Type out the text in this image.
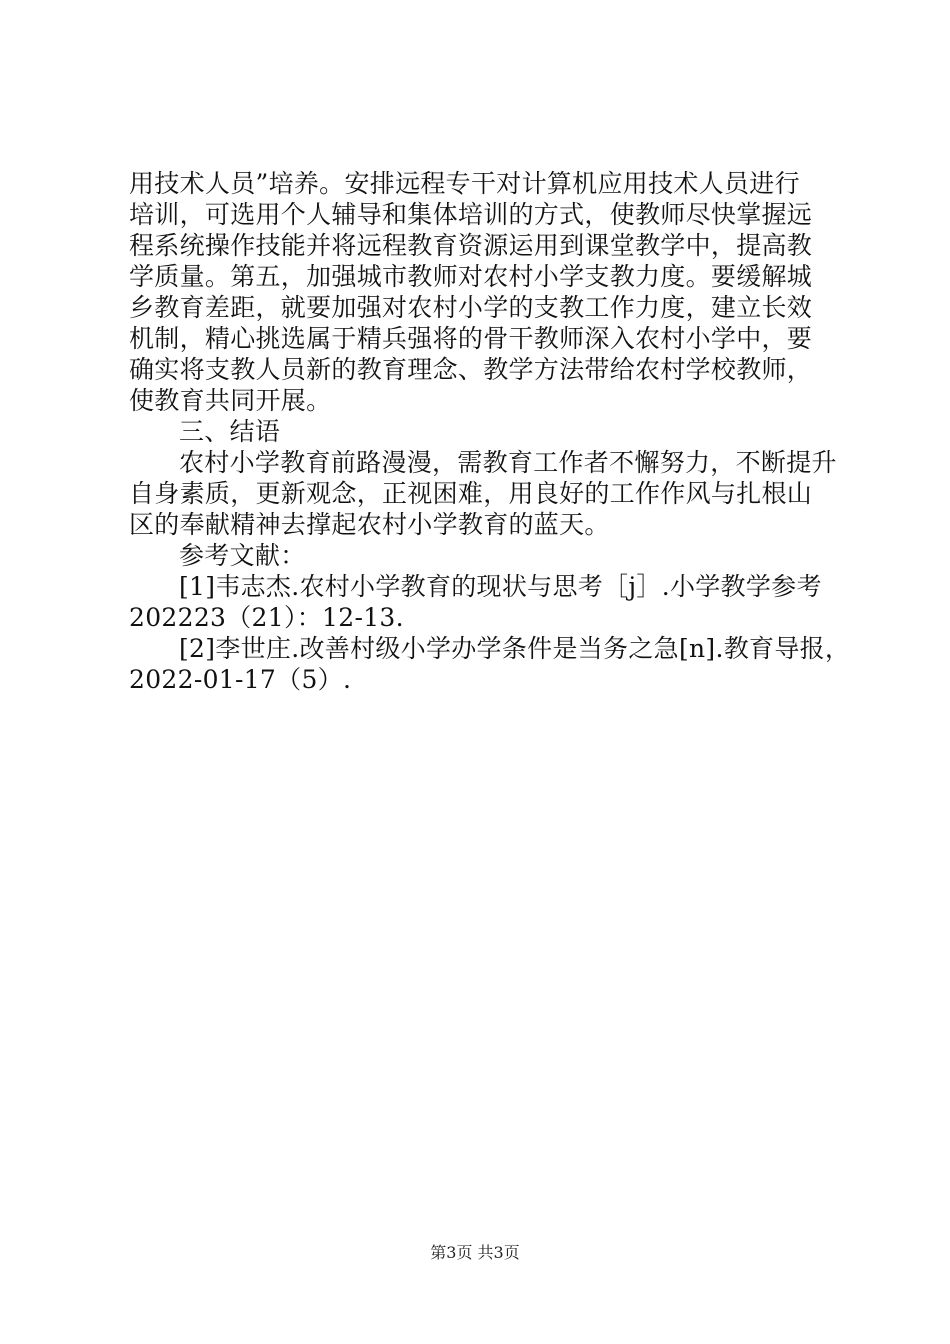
用技术人员”培养。安排远程专干对计算机应用技术人员进行
培训，可选用个人辅导和集体培训的方式，使教师尽快掌握远
程系统操作技能并将远程教育资源运用到课堂教学中，提高教
学质量。第五，加强城市教师对农村小学支教力度。要缓解城
乡教育差距，就要加强对农村小学的支教工作力度，建立长效
机制，精心挑选属于精兵强将的骨干教师深入农村小学中，要
确实将支教人员新的教育理念、教学方法带给农村学校教师，
使教育共同开展。
三、结语
农村小学教育前路漫漫，需教育工作者不懈努力，不断提升
自身素质，更新观念，正视困难，用良好的工作作风与扎根山
区的奉献精神去撑起农村小学教育的蓝天。
参考文献：
[1]韦志杰.农村小学教育的现状与思考［j］.小学教学参考
202223（21）：12-13.
[2]李世庄.改善村级小学办学条件是当务之急[n].教育导报，
2022-01-17（5）.
第3页 共3页
